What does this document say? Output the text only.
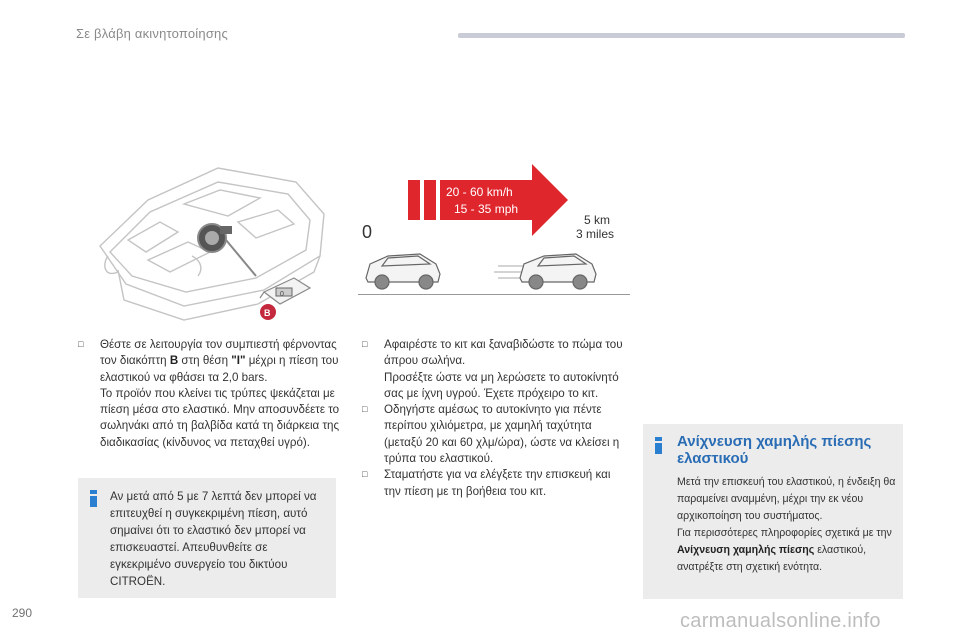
Σε βλάβη ακινητοποίησης
0
B
20 - 60 km/h
15 - 35 mph
0
5 km
3 miles

□ Θέστε σε λειτουργία τον συμπιεστή φέρνοντας τον διακόπτη B στη θέση "I" μέχρι η πίεση του ελαστικού να φθάσει τα 2,0 bars.

Το προϊόν που κλείνει τις τρύπες ψεκάζεται με πίεση μέσα στο ελαστικό. Μην αποσυνδέετε το σωληνάκι από τη βαλβίδα κατά τη διάρκεια της διαδικασίας (κίνδυνος να πεταχθεί υγρό).

Αν μετά από 5 με 7 λεπτά δεν μπορεί να επιτευχθεί η συγκεκριμένη πίεση, αυτό σημαίνει ότι το ελαστικό δεν μπορεί να επισκευαστεί. Απευθυνθείτε σε εγκεκριμένο συνεργείο του δικτύου CITROËN.

□ Αφαιρέστε το κιτ και ξαναβιδώστε το πώμα του άπρου σωλήνα.

Προσέξτε ώστε να μη λερώσετε το αυτοκίνητό σας με ίχνη υγρού. Έχετε πρόχειρο το κιτ.

□ Οδηγήστε αμέσως το αυτοκίνητο για πέντε περίπου χιλιόμετρα, με χαμηλή ταχύτητα (μεταξύ 20 και 60 χλμ/ώρα), ώστε να κλείσει η τρύπα του ελαστικού.

□ Σταματήστε για να ελέγξετε την επισκευή και την πίεση με τη βοήθεια του κιτ.

Ανίχνευση χαμηλής πίεσης ελαστικού
Μετά την επισκευή του ελαστικού, η ένδειξη θα παραμείνει αναμμένη, μέχρι την εκ νέου αρχικοποίηση του συστήματος.
Για περισσότερες πληροφορίες σχετικά με την Ανίχνευση χαμηλής πίεσης ελαστικού, ανατρέξτε στη σχετική ενότητα.
290	carmanualsonline.info
